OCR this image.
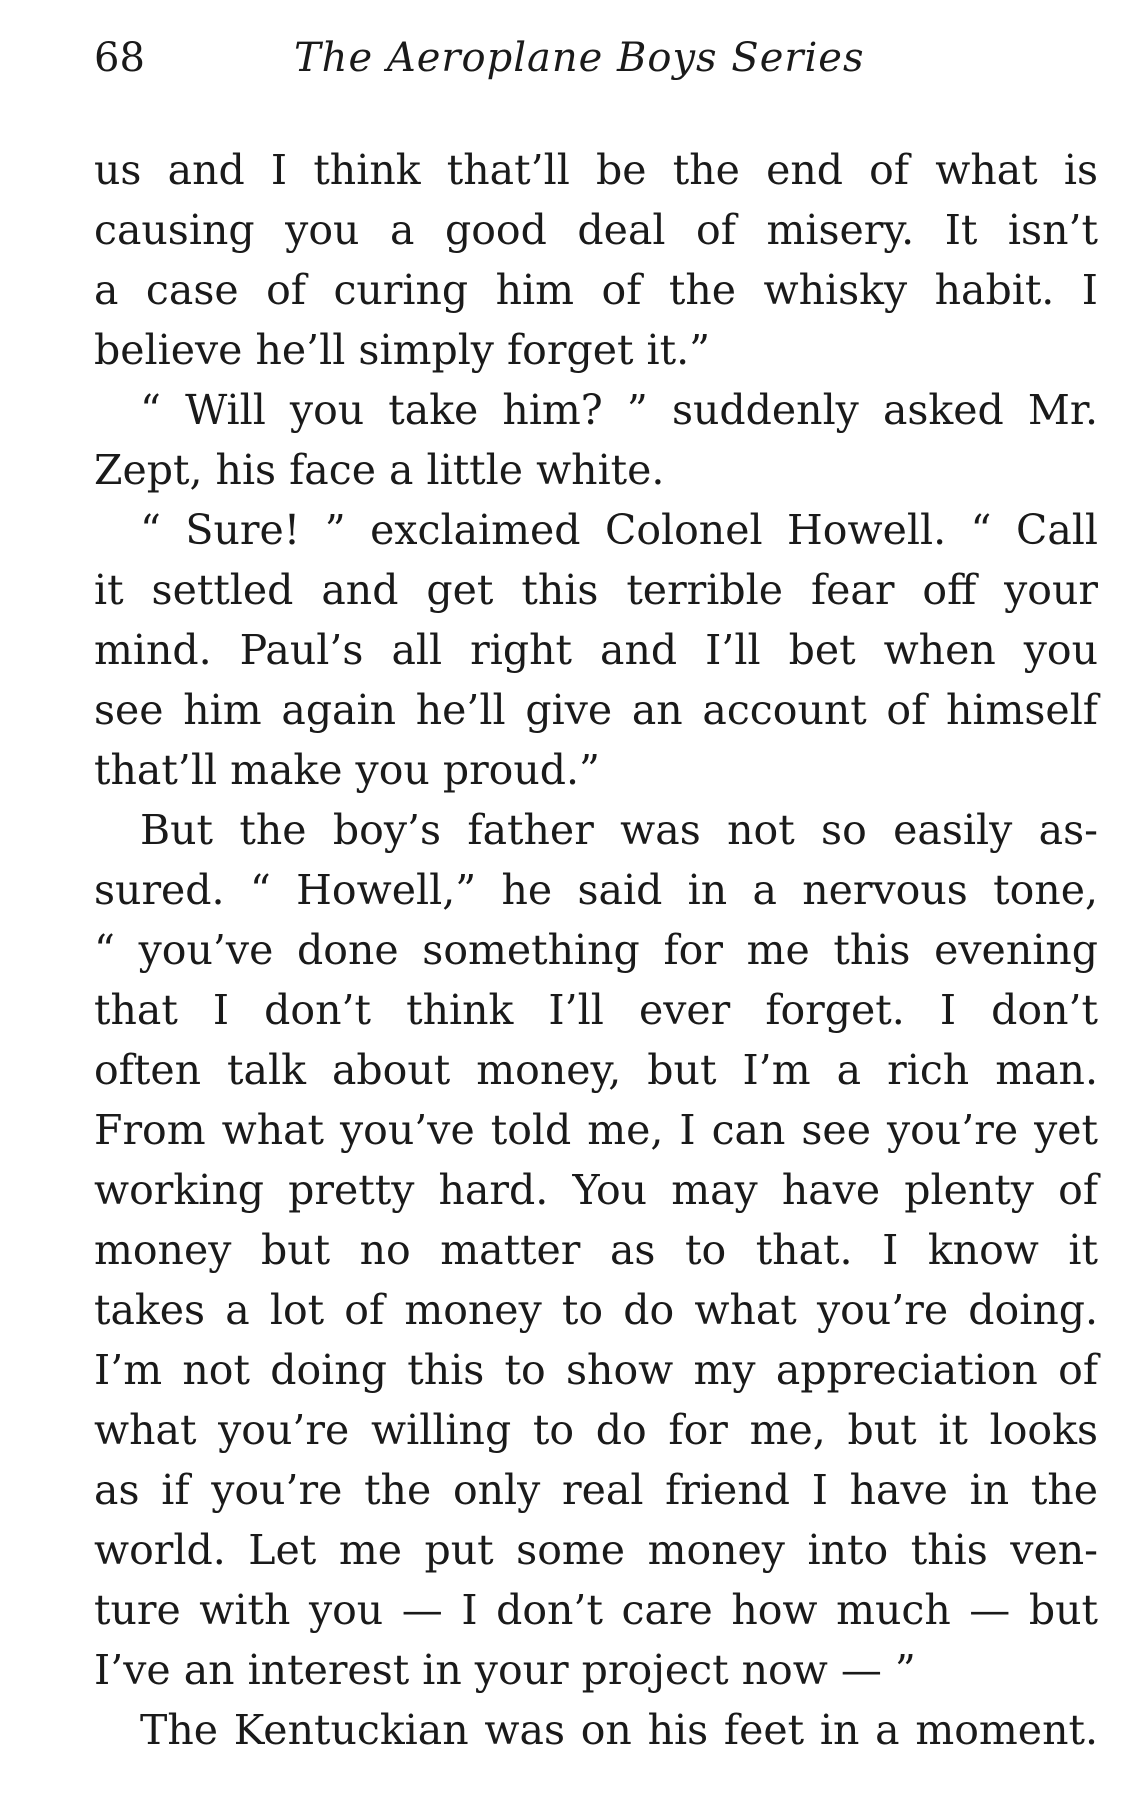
68	The Aeroplane Boys Series
us and I think that’ll be the end of what is
causing you a good deal of misery. It isn’t
a case of curing him of the whisky habit. I
believe he’ll simply forget it.”
“ Will you take him? ” suddenly asked Mr.
Zept, his face a little white.
“ Sure! ” exclaimed Colonel Howell. “ Call
it settled and get this terrible fear off your
mind. Paul’s all right and I’ll bet when you
see him again he’ll give an account of himself
that’ll make you proud.”
But the boy’s father was not so easily as-
sured. “ Howell,” he said in a nervous tone,
“ you’ve done something for me this evening
that I don’t think I’ll ever forget. I don’t
often talk about money, but I’m a rich man.
From what you’ve told me, I can see you’re yet
working pretty hard. You may have plenty of
money but no matter as to that. I know it
takes a lot of money to do what you’re doing.
I’m not doing this to show my appreciation of
what you’re willing to do for me, but it looks
as if you’re the only real friend I have in the
world. Let me put some money into this ven-
ture with you — I don’t care how much — but
I’ve an interest in your project now — ”
The Kentuckian was on his feet in a moment.
